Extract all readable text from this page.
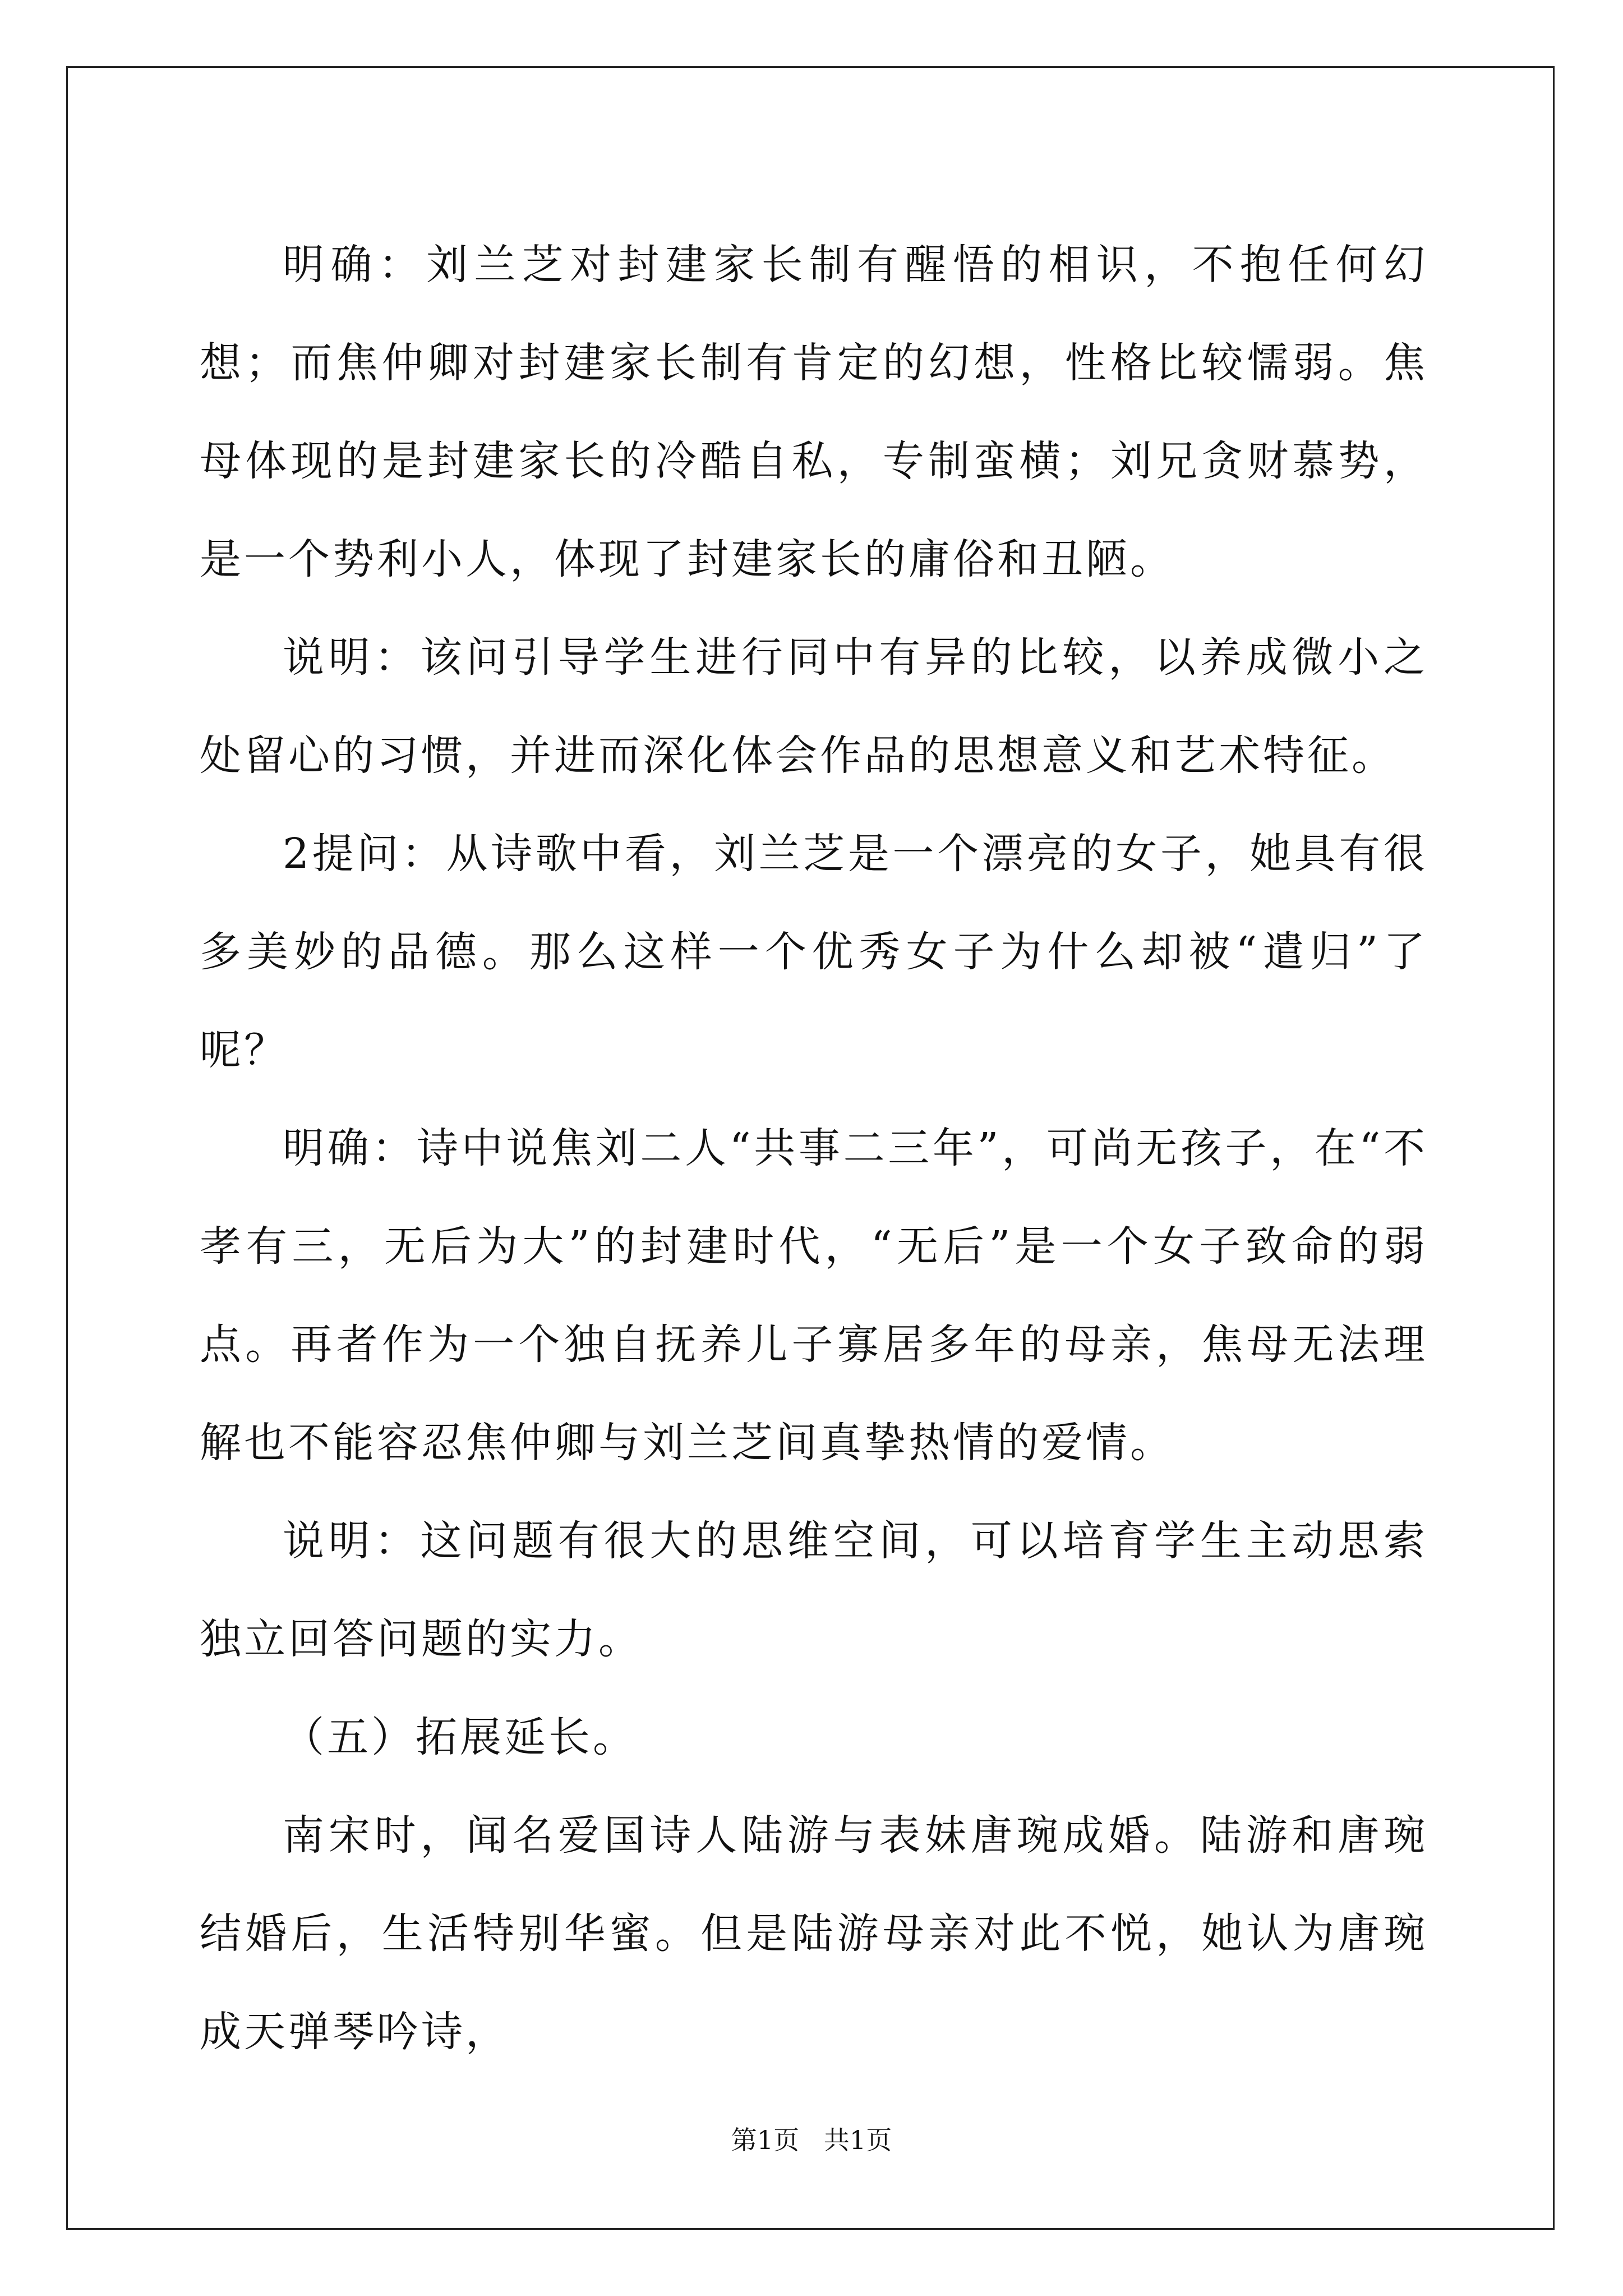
明确：刘兰芝对封建家长制有醒悟的相识，不抱任何幻想；而焦仲卿对封建家长制有肯定的幻想，性格比较懦弱。焦母体现的是封建家长的冷酷自私，专制蛮横；刘兄贪财慕势，是一个势利小人，体现了封建家长的庸俗和丑陋。

说明：该问引导学生进行同中有异的比较，以养成微小之处留心的习惯，并进而深化体会作品的思想意义和艺术特征。

2提问：从诗歌中看，刘兰芝是一个漂亮的女子，她具有很多美妙的品德。那么这样一个优秀女子为什么却被“遣归”了呢？

明确：诗中说焦刘二人“共事二三年”，可尚无孩子，在“不孝有三，无后为大”的封建时代，“无后”是一个女子致命的弱点。再者作为一个独自抚养儿子寡居多年的母亲，焦母无法理解也不能容忍焦仲卿与刘兰芝间真挚热情的爱情。

说明：这问题有很大的思维空间，可以培育学生主动思索独立回答问题的实力。

（五）拓展延长。

南宋时，闻名爱国诗人陆游与表妹唐琬成婚。陆游和唐琬结婚后，生活特别华蜜。但是陆游母亲对此不悦，她认为唐琬成天弹琴吟诗，

第1页   共1页
